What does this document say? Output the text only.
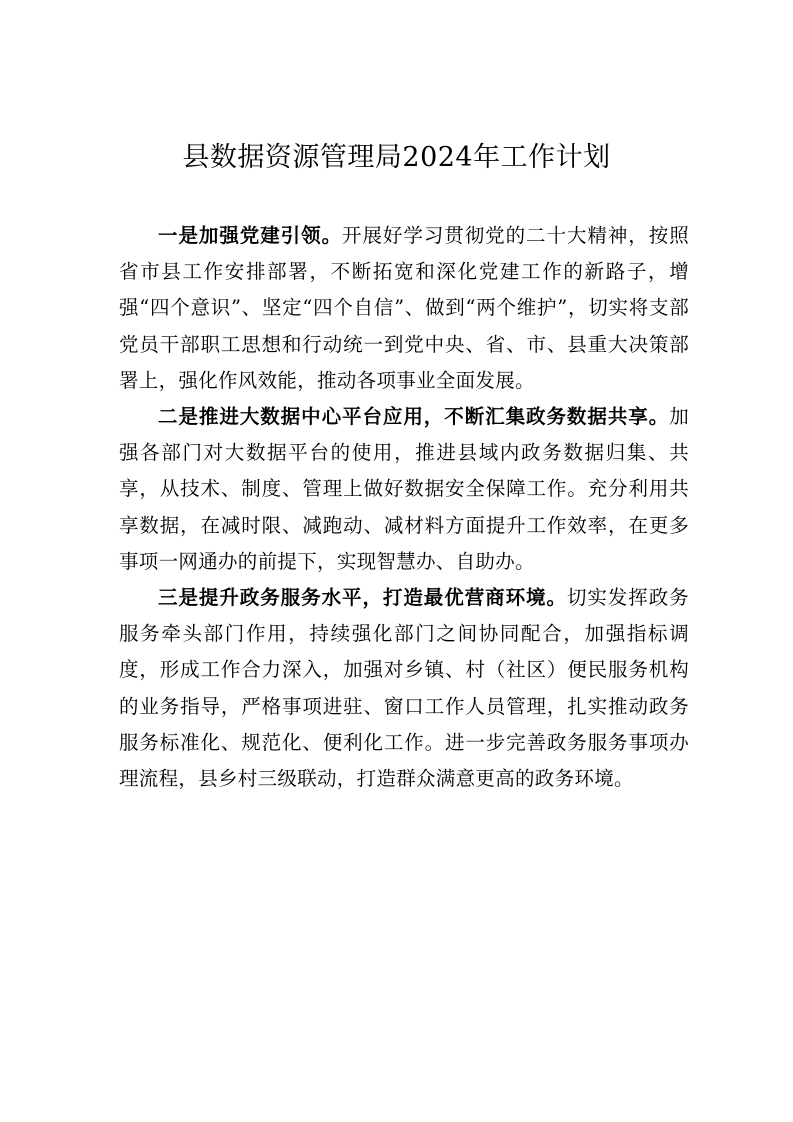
县数据资源管理局2024年工作计划

一是加强党建引领。开展好学习贯彻党的二十大精神，按照省市县工作安排部署，不断拓宽和深化党建工作的新路子，增强“四个意识”、坚定“四个自信”、做到“两个维护”，切实将支部党员干部职工思想和行动统一到党中央、省、市、县重大决策部署上，强化作风效能，推动各项事业全面发展。

二是推进大数据中心平台应用，不断汇集政务数据共享。加强各部门对大数据平台的使用，推进县域内政务数据归集、共享，从技术、制度、管理上做好数据安全保障工作。充分利用共享数据，在减时限、减跑动、减材料方面提升工作效率，在更多事项一网通办的前提下，实现智慧办、自助办。

三是提升政务服务水平，打造最优营商环境。切实发挥政务服务牵头部门作用，持续强化部门之间协同配合，加强指标调度，形成工作合力深入，加强对乡镇、村（社区）便民服务机构的业务指导，严格事项进驻、窗口工作人员管理，扎实推动政务服务标准化、规范化、便利化工作。进一步完善政务服务事项办理流程，县乡村三级联动，打造群众满意更高的政务环境。
